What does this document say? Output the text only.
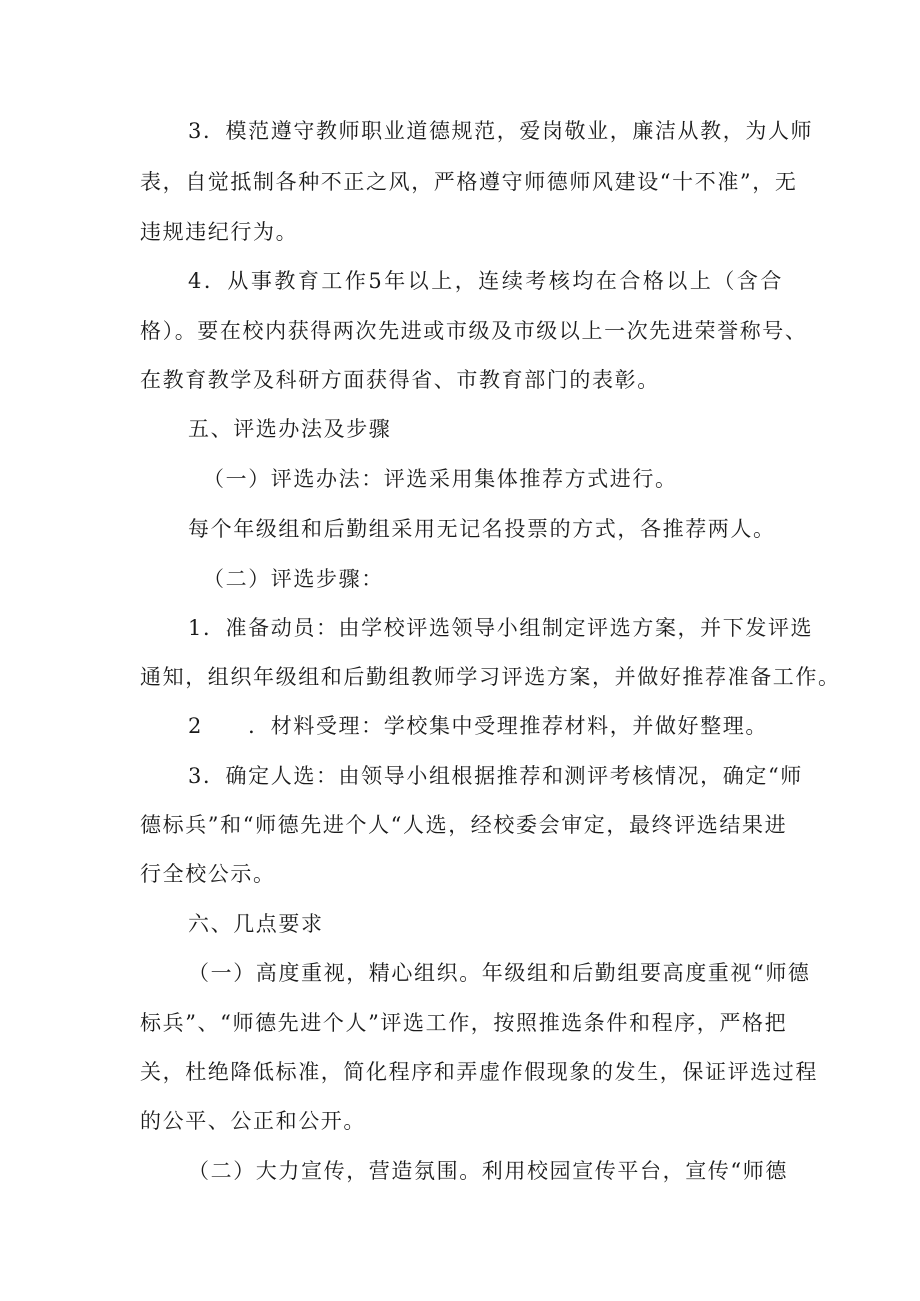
3．模范遵守教师职业道德规范，爱岗敬业，廉洁从教，为人师
表，自觉抵制各种不正之风，严格遵守师德师风建设“十不准”，无
违规违纪行为。
4．从事教育工作5年以上，连续考核均在合格以上（含合
格）。要在校内获得两次先进或市级及市级以上一次先进荣誉称号、
在教育教学及科研方面获得省、市教育部门的表彰。
五、评选办法及步骤
（一）评选办法：评选采用集体推荐方式进行。
每个年级组和后勤组采用无记名投票的方式，各推荐两人。
（二）评选步骤：
1．准备动员：由学校评选领导小组制定评选方案，并下发评选
通知，组织年级组和后勤组教师学习评选方案，并做好推荐准备工作。
2　　．材料受理：学校集中受理推荐材料，并做好整理。
3．确定人选：由领导小组根据推荐和测评考核情况，确定“师
德标兵”和“师德先进个人“人选，经校委会审定，最终评选结果进
行全校公示。
六、几点要求
（一）高度重视，精心组织。年级组和后勤组要高度重视“师德
标兵”、“师德先进个人”评选工作，按照推选条件和程序，严格把
关，杜绝降低标准，简化程序和弄虚作假现象的发生，保证评选过程
的公平、公正和公开。
（二）大力宣传，营造氛围。利用校园宣传平台，宣传“师德
